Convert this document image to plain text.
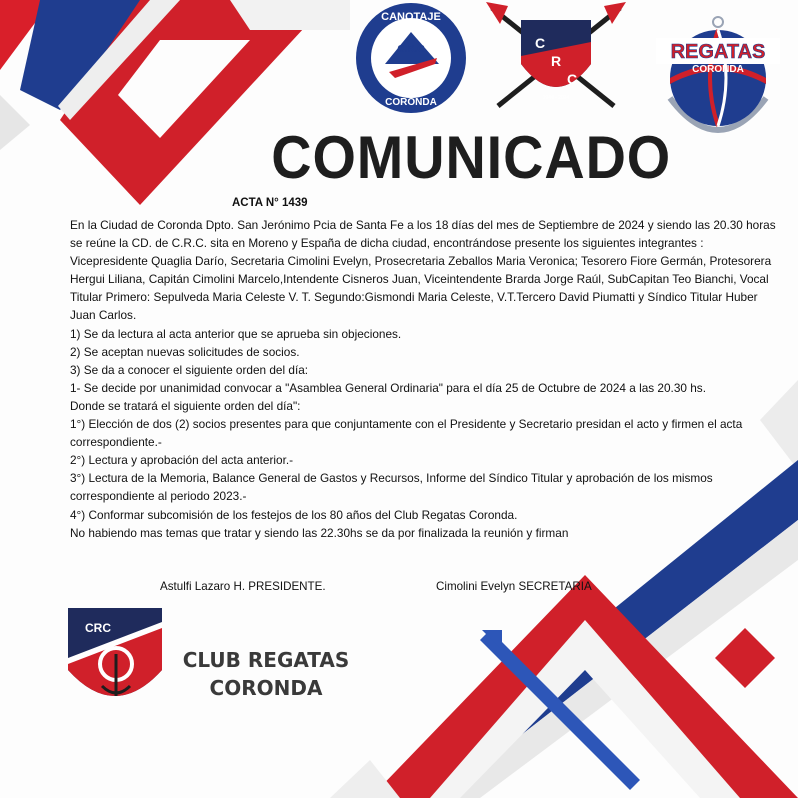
CANOTAJE
C.R.C
CORONDA
C
R
C
1944 - 2024
REGATAS
CORONDA
COMUNICADO
ACTA N° 1439

En la Ciudad de Coronda Dpto. San Jerónimo Pcia de Santa Fe a los 18 días del mes de Septiembre de 2024 y siendo las 20.30 horas se reúne la CD. de C.R.C. sita en Moreno y España de dicha ciudad, encontrándose presente los siguientes integrantes : Vicepresidente Quaglia Darío, Secretaria Cimolini Evelyn, Prosecretaria Zeballos Maria Veronica; Tesorero Fiore Germán, Protesorera Hergui Liliana, Capitán Cimolini Marcelo,Intendente Cisneros Juan, Viceintendente Brarda Jorge Raúl, SubCapitan Teo Bianchi, Vocal Titular Primero: Sepulveda Maria Celeste V. T. Segundo:Gismondi Maria Celeste, V.T.Tercero David Piumatti y Síndico Titular Huber Juan Carlos.

1) Se da lectura al acta anterior que se aprueba sin objeciones.

2) Se aceptan nuevas solicitudes de socios.

3) Se da a conocer el siguiente orden del día:

1- Se decide por unanimidad convocar a "Asamblea General Ordinaria" para el día 25 de Octubre de 2024 a las 20.30 hs.

Donde se tratará el siguiente orden del día":

1°) Elección de dos (2) socios presentes para que conjuntamente con el Presidente y Secretario presidan el acto y firmen el acta correspondiente.-

2°) Lectura y aprobación del acta anterior.-

3°) Lectura de la Memoria, Balance General de Gastos y Recursos, Informe del Síndico Titular y aprobación de los mismos correspondiente al periodo 2023.-

4°) Conformar subcomisión de los festejos de los 80 años del Club Regatas Coronda.

No habiendo mas temas que tratar y siendo las 22.30hs se da por finalizada la reunión y firman

Astulfi Lazaro H. PRESIDENTE.	Cimolini Evelyn SECRETARIA
CRC
CLUB REGATAS
CORONDA
